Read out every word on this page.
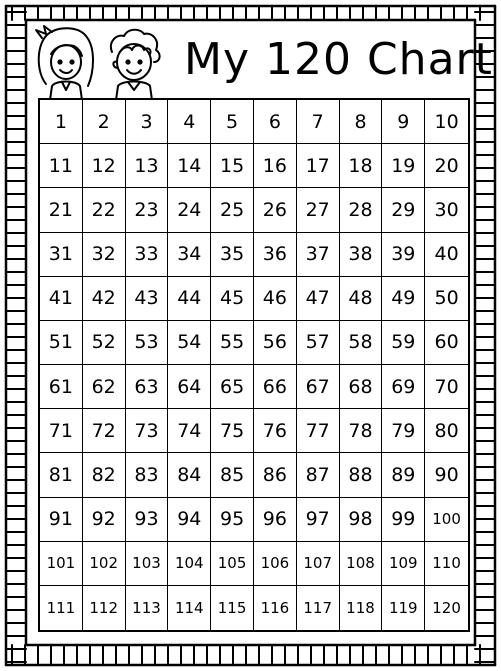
My 120 Chart
1	2	3	4	5	6	7	8	9	10
11 12 13 14 15 16 17 18 19	20
21 22 23 24 25 26 27 28 29	30
31 32 33 34 35 36 37 38 39	40
41 42 43 44 45 46 47 48 49	50
51 52 53 54 55 56 57 58 59	60
61 62 63 64 65 66 67 68 69	70
71 72 73 74 75 76 77 78 79	80
81 82 83 84 85 86 87 88 89	90
91 92 93 94 95 96 97 98 99	100
101 102 103 104 105 106 107 108 109 110
111 112 113 114 115 116 117 118 119 120
